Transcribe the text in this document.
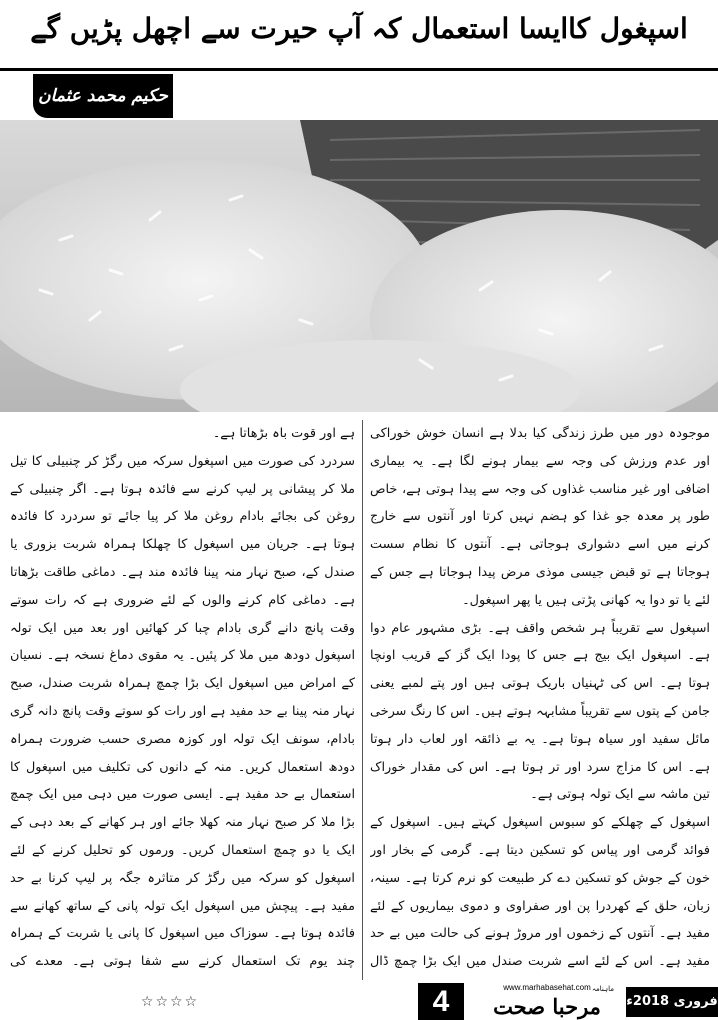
اسپغول کاایسا استعمال کہ آپ حیرت سے اچھل پڑیں گے
حکیم محمد عثمان

موجودہ دور میں طرز زندگی کیا بدلا ہے انسان خوش خوراکی اور عدم ورزش کی وجہ سے بیمار ہونے لگا ہے۔ یہ بیماری اضافی اور غیر مناسب غذاوں کی وجہ سے پیدا ہوتی ہے، خاص طور پر معدہ جو غذا کو ہضم نہیں کرتا اور آنتوں سے خارج کرنے میں اسے دشواری ہوجاتی ہے۔ آنتوں کا نظام سست ہوجاتا ہے تو قبض جیسی موذی مرض پیدا ہوجاتا ہے جس کے لئے یا تو دوا یہ کھانی پڑتی ہیں یا پھر اسپغول۔

اسپغول سے تقریباً ہر شخص واقف ہے۔ بڑی مشہور عام دوا ہے۔ اسپغول ایک بیج ہے جس کا پودا ایک گز کے قریب اونچا ہوتا ہے۔ اس کی ٹہنیاں باریک ہوتی ہیں اور پتے لمبے یعنی جامن کے پتوں سے تقریباً مشابہہ ہوتے ہیں۔ اس کا رنگ سرخی مائل سفید اور سیاہ ہوتا ہے۔ یہ بے ذائقہ اور لعاب دار ہوتا ہے۔ اس کا مزاج سرد اور تر ہوتا ہے۔ اس کی مقدار خوراک تین ماشہ سے ایک تولہ ہوتی ہے۔

اسپغول کے چھلکے کو سبوس اسپغول کہتے ہیں۔ اسپغول کے فوائد گرمی اور پیاس کو تسکین دیتا ہے۔ گرمی کے بخار اور خون کے جوش کو تسکین دے کر طبیعت کو نرم کرتا ہے۔ سینہ، زبان، حلق کے کھردرا پن اور صفراوی و دموی بیماریوں کے لئے مفید ہے۔ آنتوں کے زخموں اور مروڑ ہونے کی حالت میں بے حد مفید ہے۔ اس کے لئے اسے شربت صندل میں ایک بڑا چمچ ڈال

ہے اور قوت باہ بڑھاتا ہے۔

سردرد کی صورت میں اسپغول سرکہ میں رگڑ کر چنبیلی کا تیل ملا کر پیشانی پر لیپ کرنے سے فائدہ ہوتا ہے۔ اگر چنبیلی کے روغن کی بجائے بادام روغن ملا کر پیا جائے تو سردرد کا فائدہ ہوتا ہے۔ جریان میں اسپغول کا چھلکا ہمراہ شربت بزوری یا صندل کے، صبح نہار منہ پینا فائدہ مند ہے۔ دماغی طاقت بڑھاتا ہے۔ دماغی کام کرنے والوں کے لئے ضروری ہے کہ رات سوتے وقت پانچ دانے گری بادام چبا کر کھائیں اور بعد میں ایک تولہ اسپغول دودھ میں ملا کر پئیں۔ یہ مقوی دماغ نسخہ ہے۔ نسیان کے امراض میں اسپغول ایک بڑا چمچ ہمراہ شربت صندل، صبح نہار منہ پینا بے حد مفید ہے اور رات کو سوتے وقت پانچ دانہ گری بادام، سونف ایک تولہ اور کوزہ مصری حسب ضرورت ہمراہ دودھ استعمال کریں۔ منہ کے دانوں کی تکلیف میں اسپغول کا استعمال بے حد مفید ہے۔ ایسی صورت میں دہی میں ایک چمچ بڑا ملا کر صبح نہار منہ کھلا جائے اور ہر کھانے کے بعد دہی کے ایک یا دو چمچ استعمال کریں۔ ورموں کو تحلیل کرنے کے لئے اسپغول کو سرکہ میں رگڑ کر متاثرہ جگہ پر لیپ کرنا بے حد مفید ہے۔ پیچش میں اسپغول ایک تولہ پانی کے ساتھ کھانے سے فائدہ ہوتا ہے۔ سوزاک میں اسپغول کا پانی یا شربت کے ہمراہ چند یوم تک استعمال کرنے سے شفا ہوتی ہے۔ معدے کی

☆☆☆☆	4	www.marhabasehat.com ماہنامہ
مرحبا صحت	فروری 2018ء
